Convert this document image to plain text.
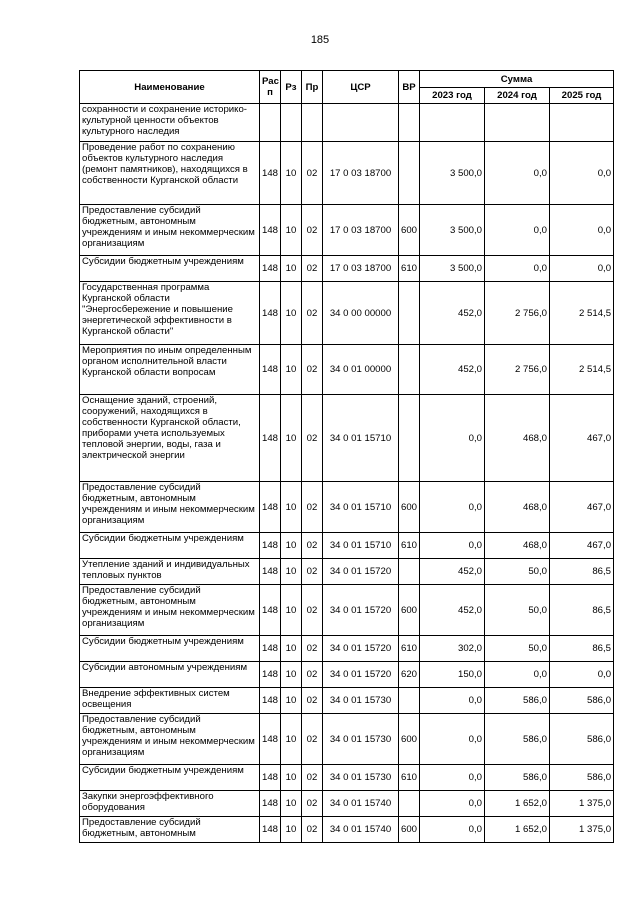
185
Наименование	Рас п	Рз	Пр	ЦСР	ВР	Сумма		
						2023 год	2024 год	2025 год
сохранности и сохранение историко-культурной ценности объектов культурного наследия								
Проведение работ по сохранению объектов культурного наследия (ремонт памятников), находящихся в собственности Курганской области	148	10	02	17 0 03 18700		3 500,0	0,0	0,0
Предоставление субсидий бюджетным, автономным учреждениям и иным некоммерческим организациям	148	10	02	17 0 03 18700	600	3 500,0	0,0	0,0
Субсидии бюджетным учреждениям	148	10	02	17 0 03 18700	610	3 500,0	0,0	0,0
Государственная программа Курганской области "Энергосбережение и повышение энергетической эффективности в Курганской области"	148	10	02	34 0 00 00000		452,0	2 756,0	2 514,5
Мероприятия по иным определенным органом исполнительной власти Курганской области вопросам	148	10	02	34 0 01 00000		452,0	2 756,0	2 514,5
Оснащение зданий, строений, сооружений, находящихся в собственности Курганской области, приборами учета используемых тепловой энергии, воды, газа и электрической энергии	148	10	02	34 0 01 15710		0,0	468,0	467,0
Предоставление субсидий бюджетным, автономным учреждениям и иным некоммерческим организациям	148	10	02	34 0 01 15710	600	0,0	468,0	467,0
Субсидии бюджетным учреждениям	148	10	02	34 0 01 15710	610	0,0	468,0	467,0
Утепление зданий и индивидуальных тепловых пунктов	148	10	02	34 0 01 15720		452,0	50,0	86,5
Предоставление субсидий бюджетным, автономным учреждениям и иным некоммерческим организациям	148	10	02	34 0 01 15720	600	452,0	50,0	86,5
Субсидии бюджетным учреждениям	148	10	02	34 0 01 15720	610	302,0	50,0	86,5
Субсидии автономным учреждениям	148	10	02	34 0 01 15720	620	150,0	0,0	0,0
Внедрение эффективных систем освещения	148	10	02	34 0 01 15730		0,0	586,0	586,0
Предоставление субсидий бюджетным, автономным учреждениям и иным некоммерческим организациям	148	10	02	34 0 01 15730	600	0,0	586,0	586,0
Субсидии бюджетным учреждениям	148	10	02	34 0 01 15730	610	0,0	586,0	586,0
Закупки энергоэффективного оборудования	148	10	02	34 0 01 15740		0,0	1 652,0	1 375,0
Предоставление субсидий бюджетным, автономным	148	10	02	34 0 01 15740	600	0,0	1 652,0	1 375,0
